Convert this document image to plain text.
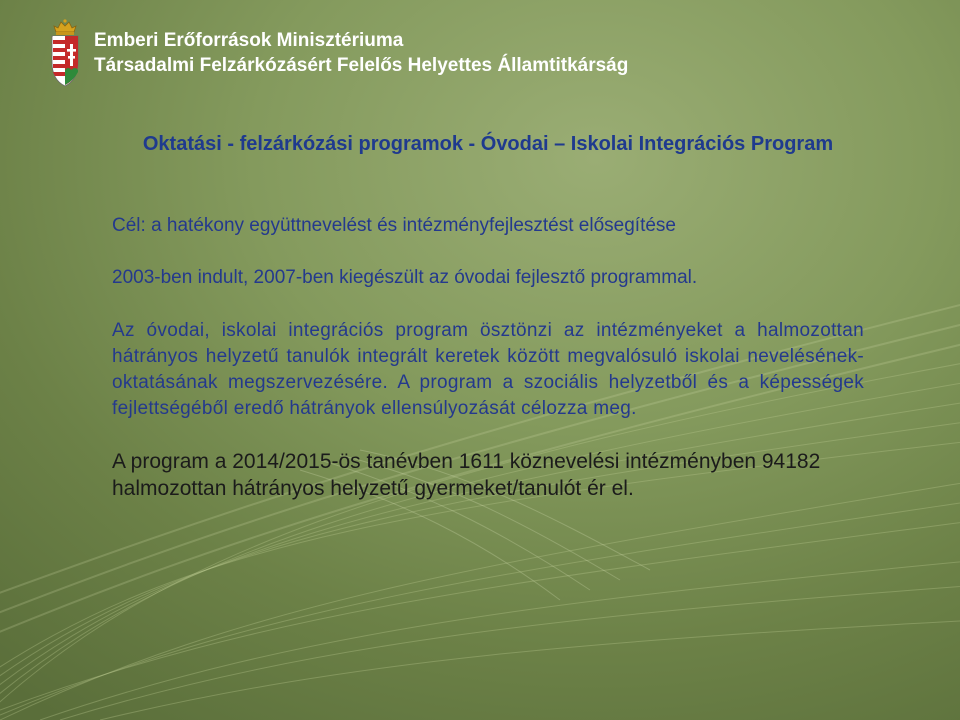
Emberi Erőforrások Minisztériuma
Társadalmi Felzárkózásért Felelős Helyettes Államtitkárság

Oktatási - felzárkózási programok - Óvodai – Iskolai Integrációs Program

Cél: a hatékony együttnevelést és intézményfejlesztést elősegítése

2003-ben indult, 2007-ben kiegészült az óvodai fejlesztő programmal.

Az óvodai, iskolai integrációs program ösztönzi az intézményeket a halmozottan hátrányos helyzetű tanulók integrált keretek között megvalósuló iskolai nevelésének-oktatásának megszervezésére. A program a szociális helyzetből és a képességek fejlettségéből eredő hátrányok ellensúlyozását célozza meg.

A program a 2014/2015-ös tanévben 1611 köznevelési intézményben 94182 halmozottan hátrányos helyzetű gyermeket/tanulót ér el.
